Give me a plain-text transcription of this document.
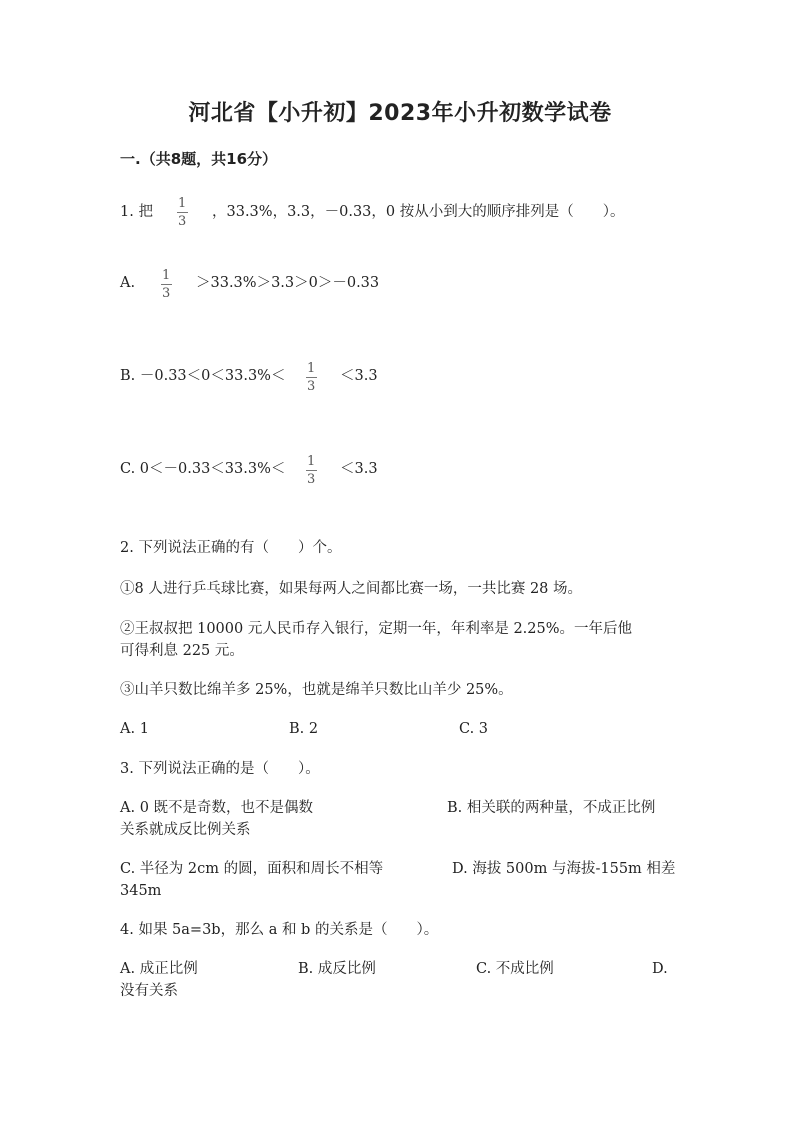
河北省【小升初】2023年小升初数学试卷
一.（共8题，共16分）
1. 把
1
3
，33.3%，3.3，－0.33，0 按从小到大的顺序排列是（　　）。
A. 1
3
＞33.3%＞3.3＞0＞－0.33
B. －0.33＜0＜33.3%＜ 1
3
＜3.3
C. 0＜－0.33＜33.3%＜ 1
3
＜3.3
2. 下列说法正确的有（　　）个。
①8 人进行乒乓球比赛，如果每两人之间都比赛一场，一共比赛 28 场。
②王叔叔把 10000 元人民币存入银行，定期一年，年利率是 2.25%。一年后他
可得利息 225 元。
③山羊只数比绵羊多 25%，也就是绵羊只数比山羊少 25%。
A. 1	B. 2	C. 3
3. 下列说法正确的是（　　）。
A. 0 既不是奇数，也不是偶数	B. 相关联的两种量，不成正比例
关系就成反比例关系
C. 半径为 2cm 的圆，面积和周长不相等	D. 海拔 500m 与海拔-155m 相差
345m
4. 如果 5a=3b，那么 a 和 b 的关系是（　　）。
A. 成正比例	B. 成反比例	C. 不成比例	D.
没有关系
